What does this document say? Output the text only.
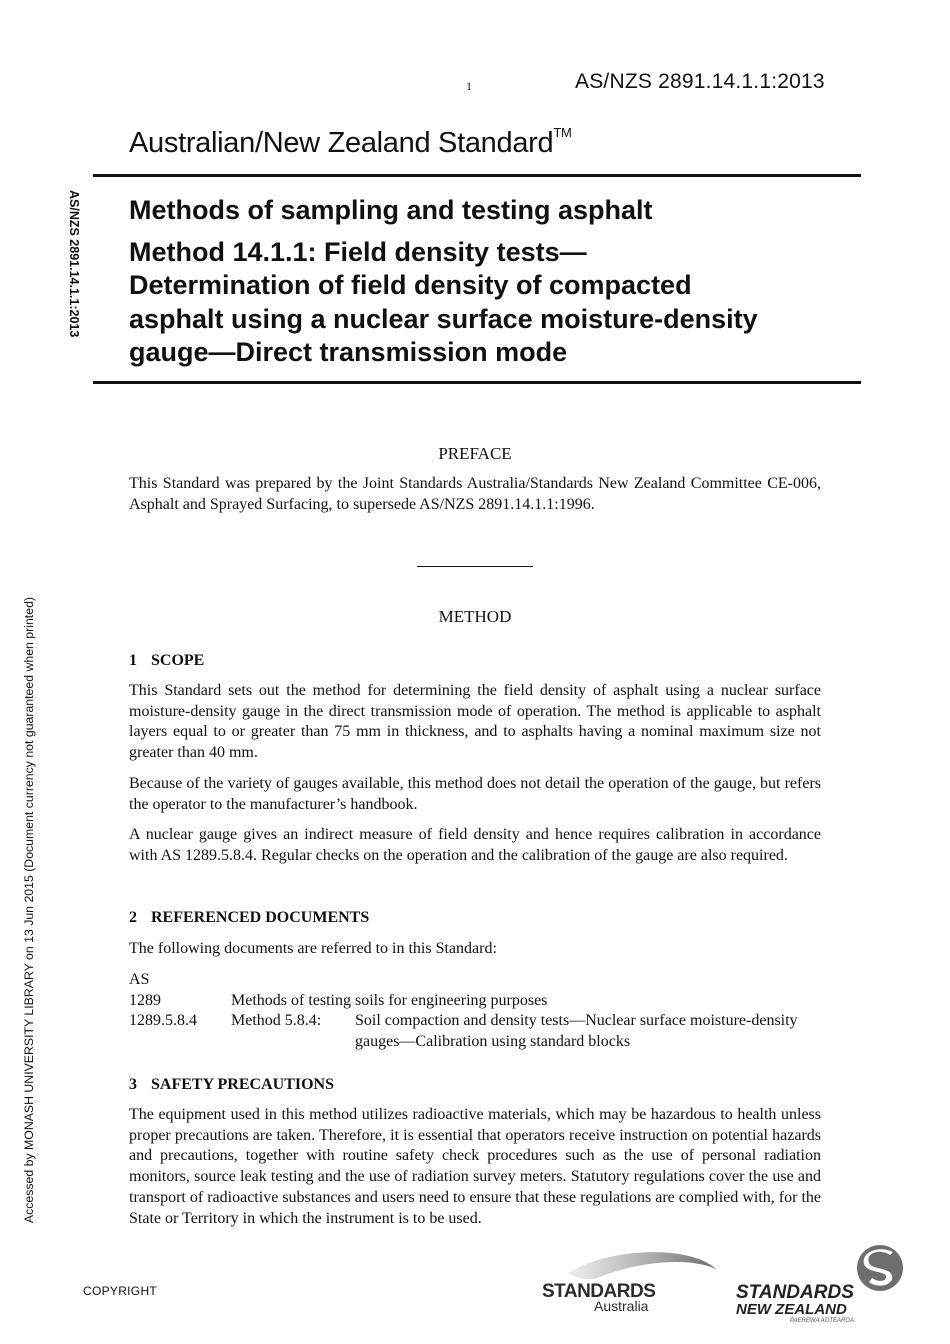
1	AS/NZS 2891.14.1.1:2013
Australian/New Zealand Standard™
AS/NZS 2891.14.1.1:2013 Methods of sampling and testing asphalt
Method 14.1.1: Field density tests—
Determination of field density of compacted
asphalt using a nuclear surface moisture-density
gauge—Direct transmission mode
Accessed by MONASH UNIVERSITY LIBRARY on 13 Jun 2015 (Document currency not guaranteed when printed)
PREFACE
This Standard was prepared by the Joint Standards Australia/Standards New Zealand Committee CE-006, Asphalt and Sprayed Surfacing, to supersede AS/NZS 2891.14.1.1:1996.
METHOD
1 SCOPE
This Standard sets out the method for determining the field density of asphalt using a nuclear surface moisture-density gauge in the direct transmission mode of operation. The method is applicable to asphalt layers equal to or greater than 75 mm in thickness, and to asphalts having a nominal maximum size not greater than 40 mm.
Because of the variety of gauges available, this method does not detail the operation of the gauge, but refers the operator to the manufacturer’s handbook.
A nuclear gauge gives an indirect measure of field density and hence requires calibration in accordance with AS 1289.5.8.4. Regular checks on the operation and the calibration of the gauge are also required.
2 REFERENCED DOCUMENTS
The following documents are referred to in this Standard:
AS
1289	Methods of testing soils for engineering purposes
1289.5.8.4	Method 5.8.4:	Soil compaction and density tests—Nuclear surface moisture-density gauges—Calibration using standard blocks
3 SAFETY PRECAUTIONS
The equipment used in this method utilizes radioactive materials, which may be hazardous to health unless proper precautions are taken. Therefore, it is essential that operators receive instruction on potential hazards and precautions, together with routine safety check procedures such as the use of personal radiation monitors, source leak testing and the use of radiation survey meters. Statutory regulations cover the use and transport of radioactive substances and users need to ensure that these regulations are complied with, for the State or Territory in which the instrument is to be used.
COPYRIGHT	STANDARDS
Australia
STANDARDS
NEW ZEALAND
PAEREWA AOTEAROA
